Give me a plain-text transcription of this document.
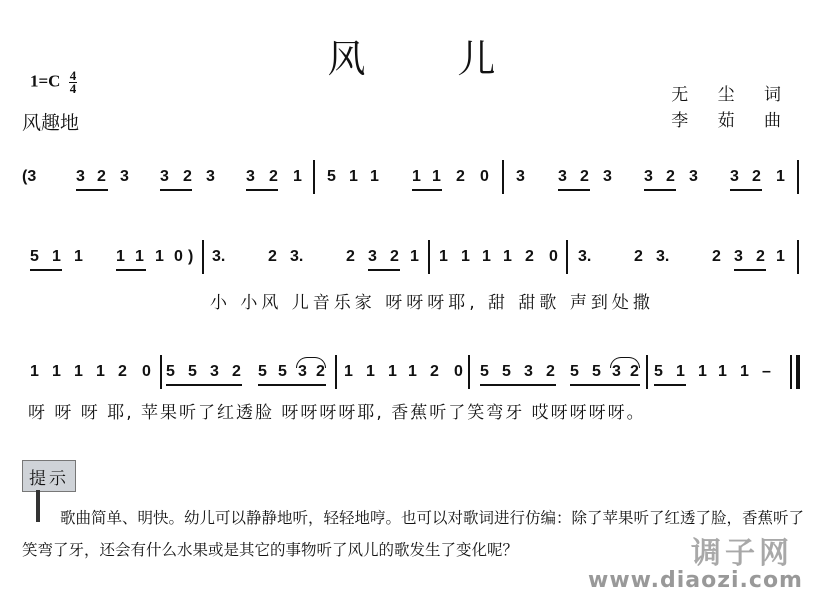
风 儿
$1=C \frac{4}{4}$
风趣地
无 尘 词
李 茹 曲
(3 3 2 3 3 2 3 3 2 1 5 1 1 1 1 2 0 3 3 2 3 3 2 3 3 2 1
5 1 1 1 1 1 0 ) 3.	2 3.	2 3 2 1 1 1 1 1 2 0 3.	2 3.	2 3 2 1
小 小风 儿音乐家 呀呀呀耶, 甜 甜歌 声到处撒
1 1 1 1 2 0 5 5 3 2 5 5 3 2 1 1 1 1 2 0 5 5 3 2 5 5 3 2 5 1 1 1 1 –
呀 呀 呀 耶, 苹果听了红透脸 呀呀呀呀耶, 香蕉听了笑弯牙 哎呀呀呀呀。
提示
歌曲简单、明快。幼儿可以静静地听，轻轻地哼。也可以对歌词进行仿编：除了苹果听了红透了脸，香蕉听了笑弯了牙，还会有什么水果或是其它的事物听了风儿的歌发生了变化呢？	调子网
www.diaozi.com
